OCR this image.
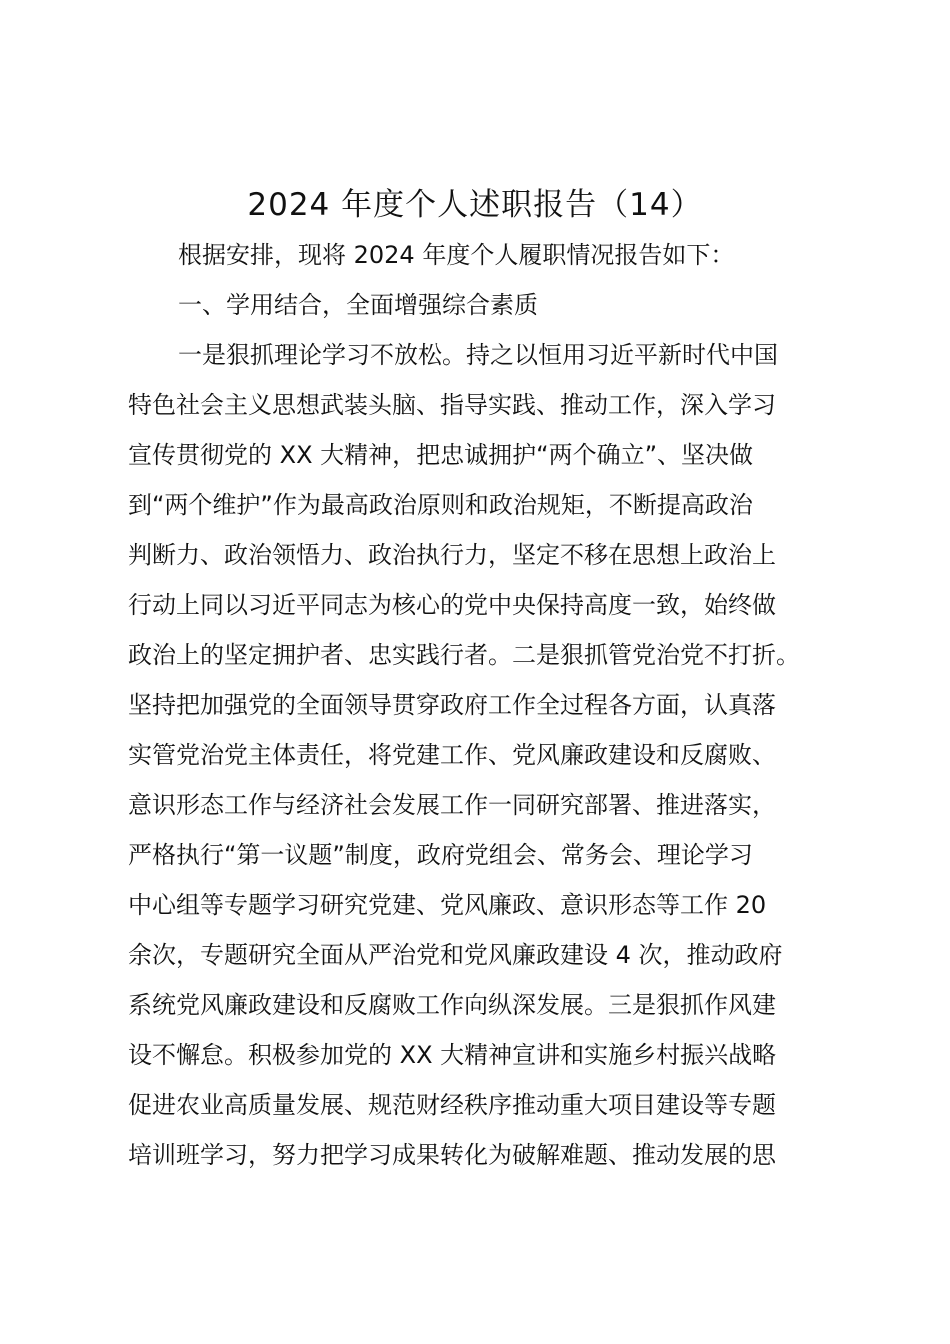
2024 年度个人述职报告（14）
根据安排，现将 2024 年度个人履职情况报告如下：
一、学用结合，全面增强综合素质
一是狠抓理论学习不放松。持之以恒用习近平新时代中国
特色社会主义思想武装头脑、指导实践、推动工作，深入学习
宣传贯彻党的 XX 大精神，把忠诚拥护“两个确立”、坚决做
到“两个维护”作为最高政治原则和政治规矩，不断提高政治
判断力、政治领悟力、政治执行力，坚定不移在思想上政治上
行动上同以习近平同志为核心的党中央保持高度一致，始终做
政治上的坚定拥护者、忠实践行者。二是狠抓管党治党不打折。
坚持把加强党的全面领导贯穿政府工作全过程各方面，认真落
实管党治党主体责任，将党建工作、党风廉政建设和反腐败、
意识形态工作与经济社会发展工作一同研究部署、推进落实，
严格执行“第一议题”制度，政府党组会、常务会、理论学习
中心组等专题学习研究党建、党风廉政、意识形态等工作 20
余次，专题研究全面从严治党和党风廉政建设 4 次，推动政府
系统党风廉政建设和反腐败工作向纵深发展。三是狠抓作风建
设不懈怠。积极参加党的 XX 大精神宣讲和实施乡村振兴战略
促进农业高质量发展、规范财经秩序推动重大项目建设等专题
培训班学习，努力把学习成果转化为破解难题、推动发展的思
